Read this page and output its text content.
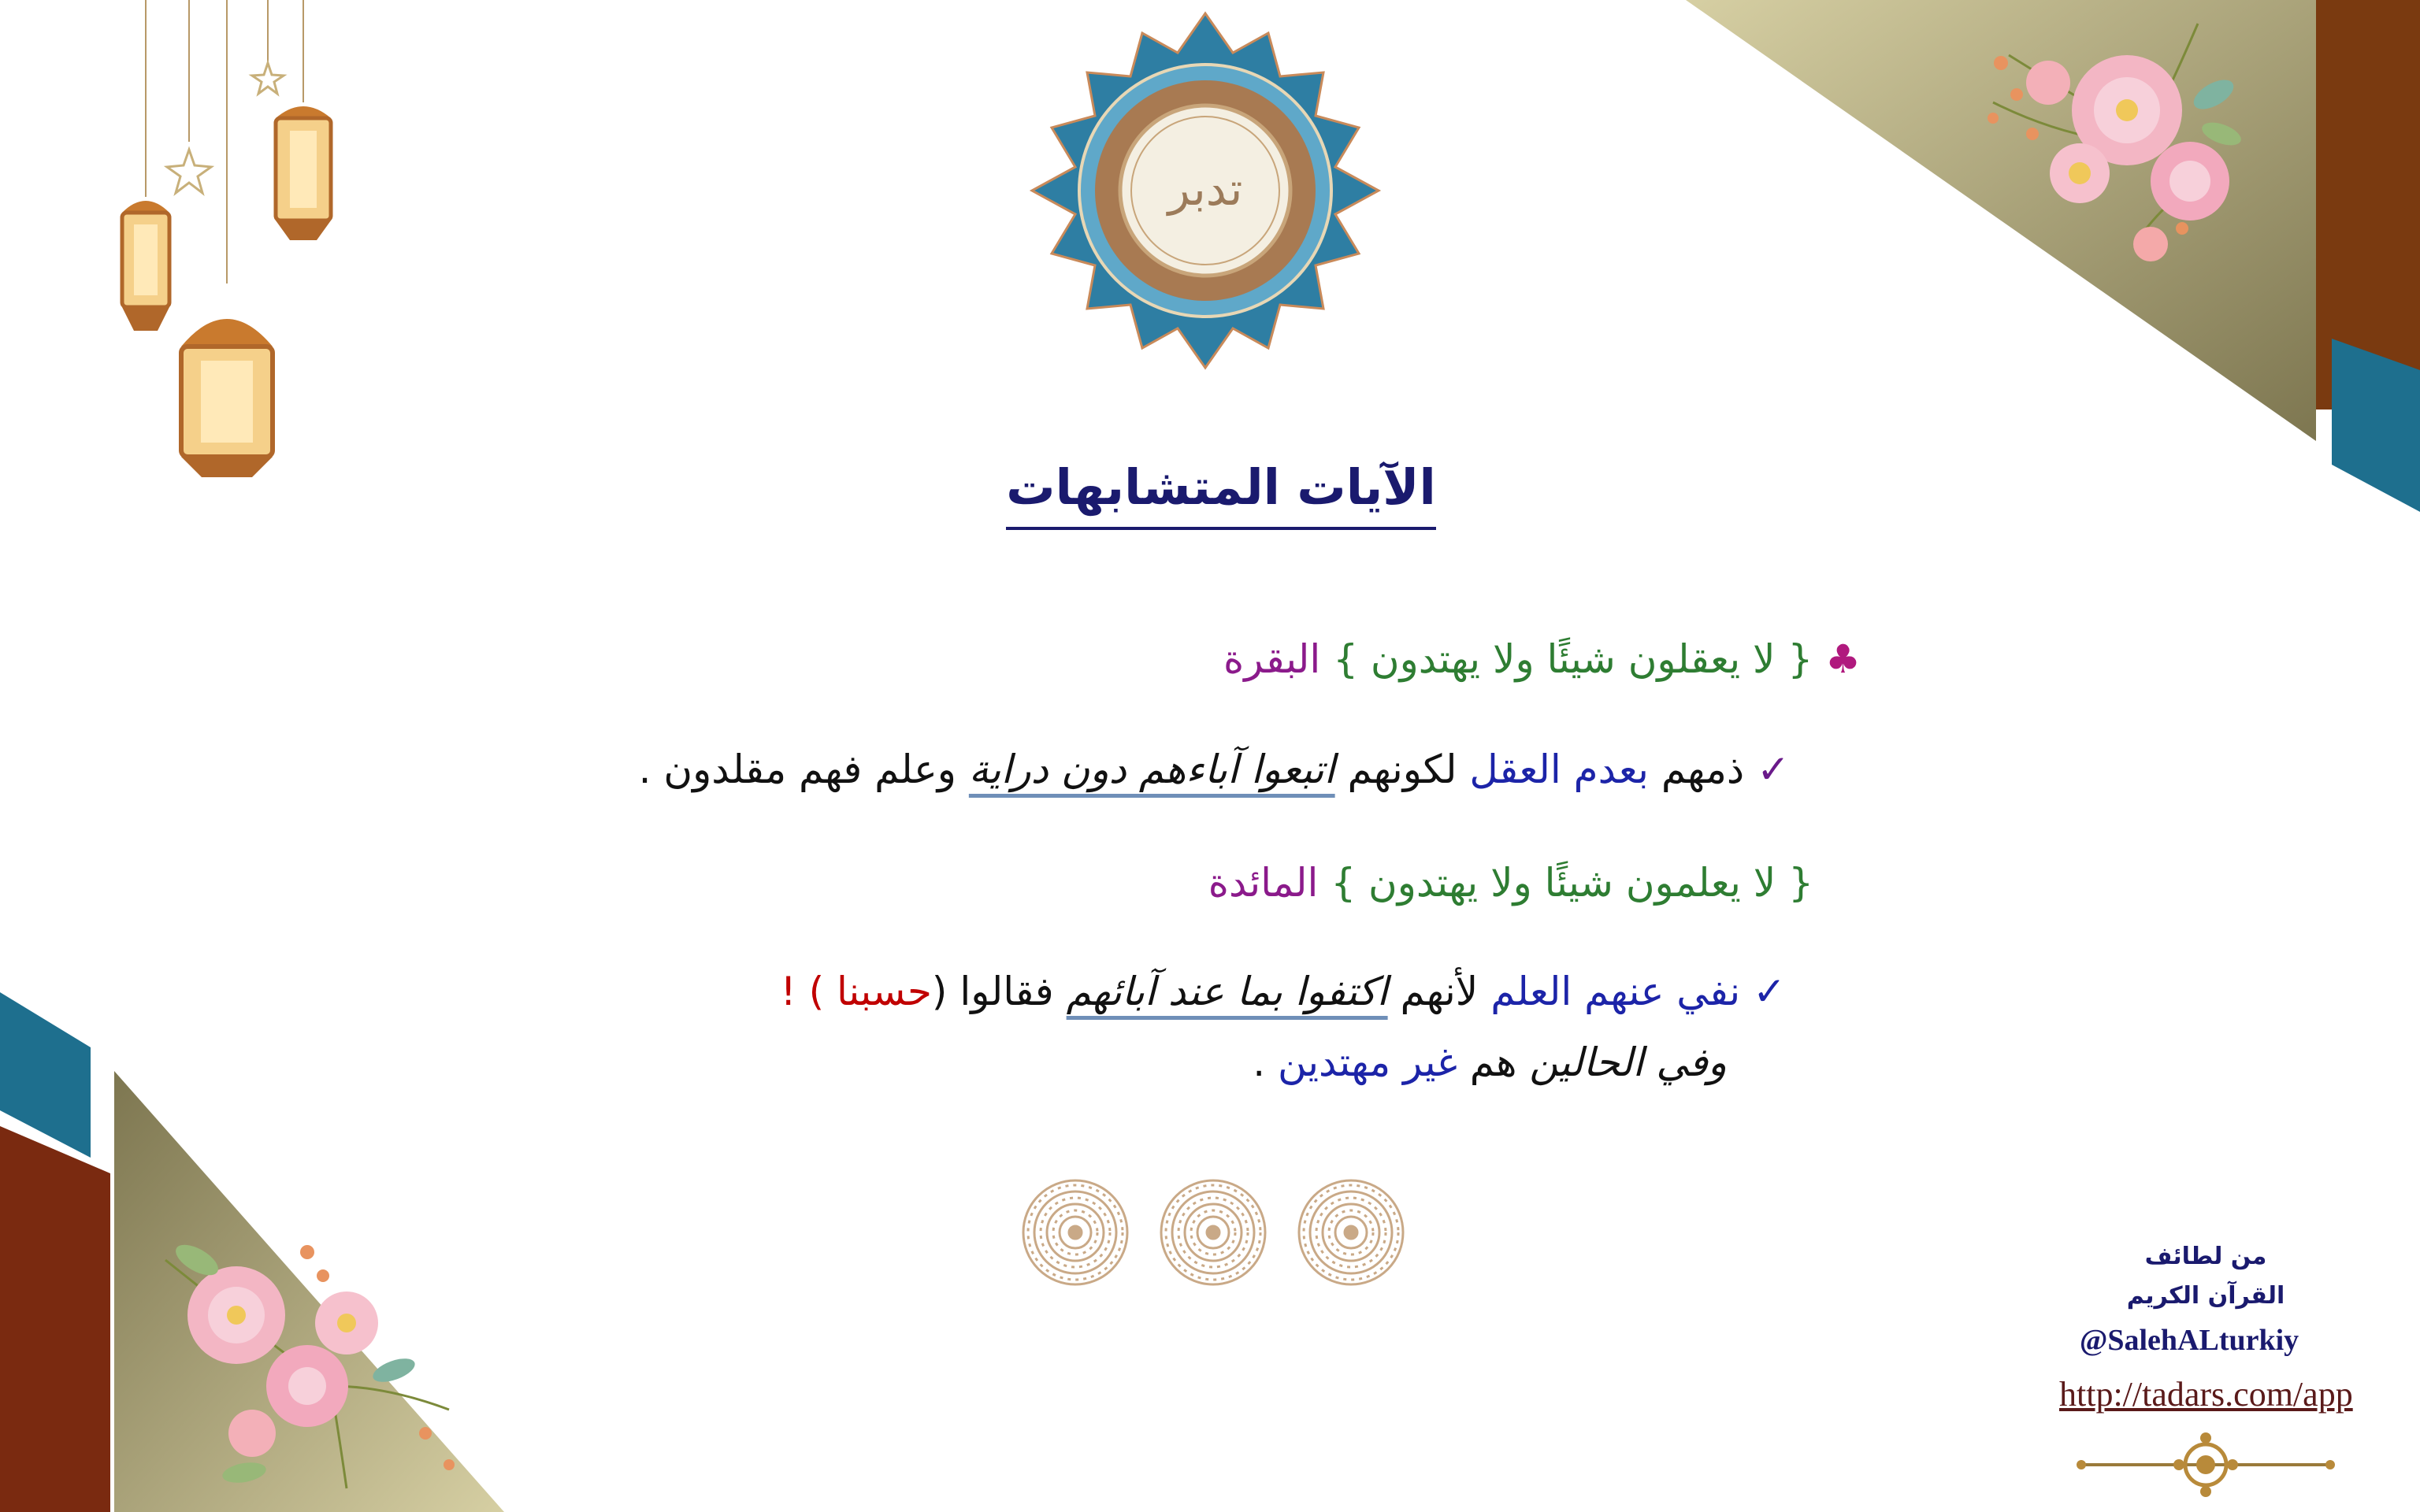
تدبر
الآيات المتشابهات
♣ { لا يعقلون شيئًا ولا يهتدون } البقرة
✓ ذمهم بعدم العقل لكونهم اتبعوا آباءهم دون دراية وعلم فهم مقلدون .
{ لا يعلمون شيئًا ولا يهتدون } المائدة
✓ نفي عنهم العلم لأنهم اكتفوا بما عند آبائهم فقالوا (حسبنا ) !
وفي الحالين هم غير مهتدين .
من لطائف
القرآن الكريم
@SalehALturkiy
http://tadars.com/app
